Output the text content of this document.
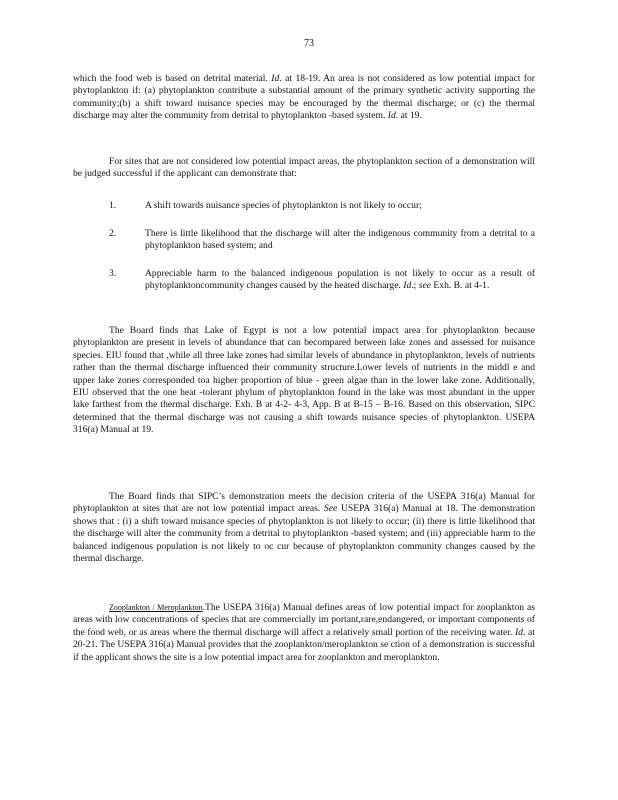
73
which the food web is based on detrital material. Id. at 18-19. An area is not considered as low potential impact for phytoplankton if: (a) phytoplankton contribute a substantial amount of the primary synthetic activity supporting the community;(b) a shift toward nuisance species may be encouraged by the thermal discharge; or (c) the thermal discharge may alter the community from detrital to phytoplankton -based system. Id. at 19.
For sites that are not considered low potential impact areas, the phytoplankton section of a demonstration will be judged successful if the applicant can demonstrate that:
1.	A shift towards nuisance species of phytoplankton is not likely to occur;
2.	There is little likelihood that the discharge will alter the indigenous community from a detrital to a phytoplankton based system; and
3.	Appreciable harm to the balanced indigenous population is not likely to occur as a result of phytoplanktoncommunity changes caused by the heated discharge. Id.; see Exh. B. at 4-1.
The Board finds that Lake of Egypt is not a low potential impact area for phytoplankton because phytoplankton are present in levels of abundance that can becompared between lake zones and assessed for nuisance species. EIU found that ,while all three lake zones had similar levels of abundance in phytoplankton, levels of nutrients rather than the thermal discharge influenced their community structure.Lower levels of nutrients in the middl e and upper lake zones corresponded toa higher proportion of blue - green algae than in the lower lake zone. Additionally, EIU observed that the one heat -tolerant phylum of phytoplankton found in the lake was most abundant in the upper lake farthest from the thermal discharge. Exh. B at 4-2- 4-3, App. B at B-15 – B-16. Based on this observation, SIPC determined that the thermal discharge was not causing a shift towards nuisance species of phytoplankton. USEPA 316(a) Manual at 19.
The Board finds that SIPC’s demonstration meets the decision criteria of the USEPA 316(a) Manual for phytoplankton at sites that are not low potential impact areas. See USEPA 316(a) Manual at 18. The demonstration shows that : (i) a shift toward nuisance species of phytoplankton is not likely to occur; (ii) there is little likelihood that the discharge will alter the community from a detrital to phytoplankton -based system; and (iii) appreciable harm to the balanced indigenous population is not likely to oc cur because of phytoplankton community changes caused by the thermal discharge.
Zooplankton / Meroplankton.The USEPA 316(a) Manual defines areas of low potential impact for zooplankton as areas with low concentrations of species that are commercially im portant,rare,endangered, or important components of the food web, or as areas where the thermal discharge will affect a relatively small portion of the receiving water. Id. at 20-21. The USEPA 316(a) Manual provides that the zooplankton/meroplankton se ction of a demonstration is successful if the applicant shows the site is a low potential impact area for zooplankton and meroplankton.
